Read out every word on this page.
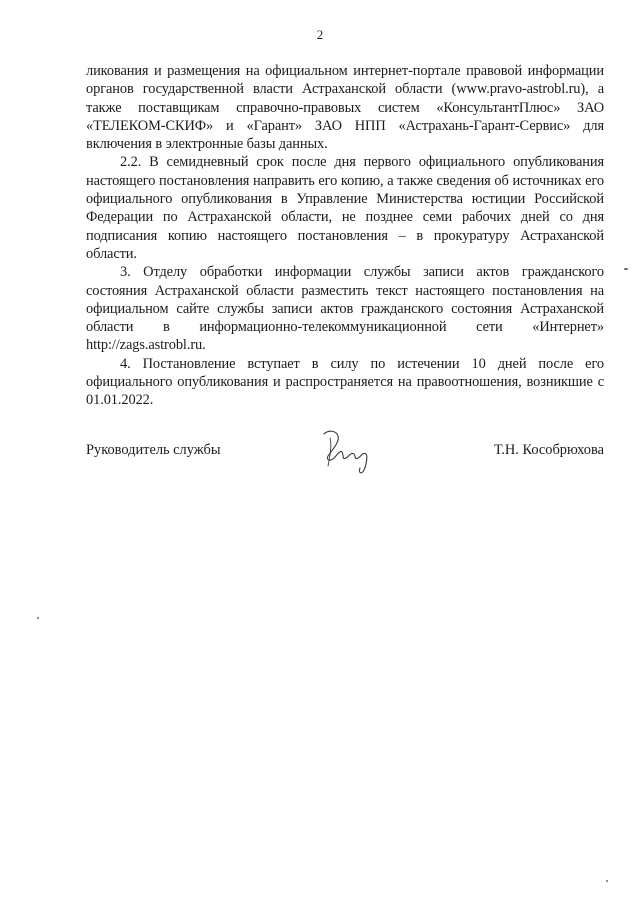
2

ликования и размещения на официальном интернет-портале правовой информации органов государственной власти Астраханской области (www.pravo-astrobl.ru), а также поставщикам справочно-правовых систем «КонсультантПлюс» ЗАО «ТЕЛЕКОМ-СКИФ» и «Гарант» ЗАО НПП «Астрахань-Гарант-Сервис» для включения в электронные базы данных.

2.2. В семидневный срок после дня первого официального опубликования настоящего постановления направить его копию, а также сведения об источниках его официального опубликования в Управление Министерства юстиции Российской Федерации по Астраханской области, не позднее семи рабочих дней со дня подписания копию настоящего постановления – в прокуратуру Астраханской области.

3. Отделу обработки информации службы записи актов гражданского состояния Астраханской области разместить текст настоящего постановления на официальном сайте службы записи актов гражданского состояния Астраханской области в информационно-телекоммуникационной сети «Интернет» http://zags.astrobl.ru.

4. Постановление вступает в силу по истечении 10 дней после его официального опубликования и распространяется на правоотношения, возникшие с 01.01.2022.

Руководитель службы	Т.Н. Кособрюхова
